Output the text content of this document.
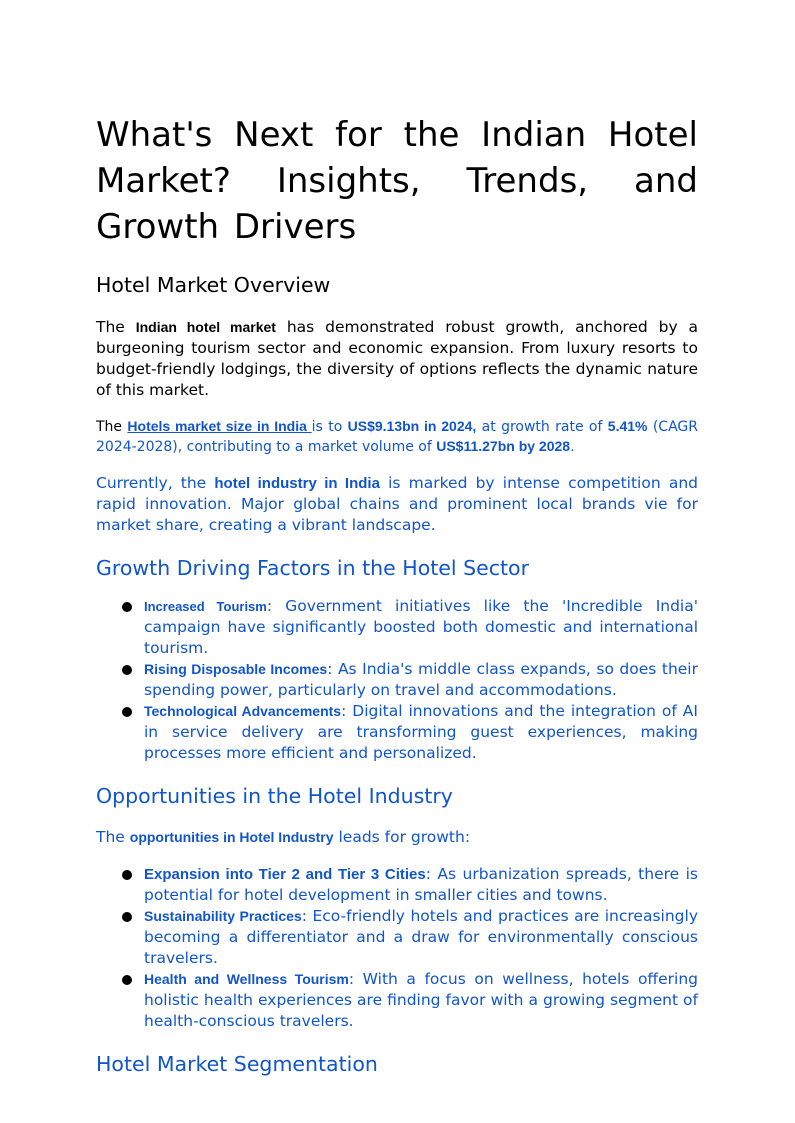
What's Next for the Indian Hotel Market? Insights, Trends, and Growth Drivers
Hotel Market Overview

The Indian hotel market has demonstrated robust growth, anchored by a burgeoning tourism sector and economic expansion. From luxury resorts to budget-friendly lodgings, the diversity of options reflects the dynamic nature of this market.

The Hotels market size in India is to US$9.13bn in 2024, at growth rate of 5.41% (CAGR 2024-2028), contributing to a market volume of US$11.27bn by 2028.

Currently, the hotel industry in India is marked by intense competition and rapid innovation. Major global chains and prominent local brands vie for market share, creating a vibrant landscape.

Growth Driving Factors in the Hotel Sector
Increased Tourism: Government initiatives like the 'Incredible India' campaign have significantly boosted both domestic and international tourism.
Rising Disposable Incomes: As India's middle class expands, so does their spending power, particularly on travel and accommodations.
Technological Advancements: Digital innovations and the integration of AI in service delivery are transforming guest experiences, making processes more efficient and personalized.
Opportunities in the Hotel Industry

The opportunities in Hotel Industry leads for growth:

Expansion into Tier 2 and Tier 3 Cities: As urbanization spreads, there is potential for hotel development in smaller cities and towns.
Sustainability Practices: Eco-friendly hotels and practices are increasingly becoming a differentiator and a draw for environmentally conscious travelers.
Health and Wellness Tourism: With a focus on wellness, hotels offering holistic health experiences are finding favor with a growing segment of health-conscious travelers.
Hotel Market Segmentation
